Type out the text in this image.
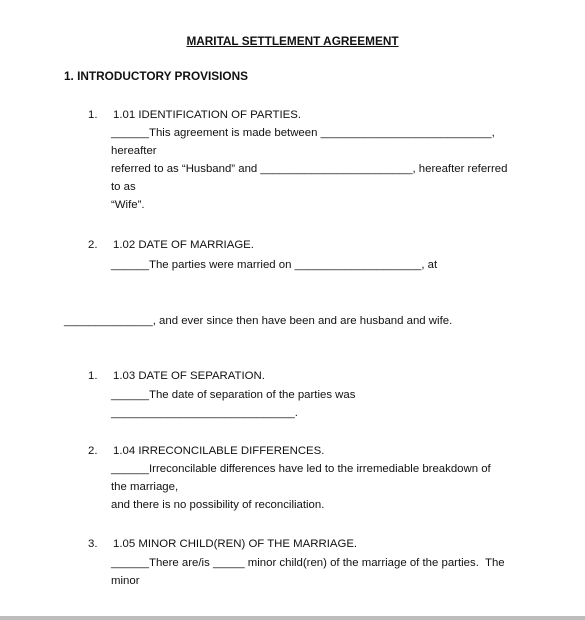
MARITAL SETTLEMENT AGREEMENT
1. INTRODUCTORY PROVISIONS
1.	1.01 IDENTIFICATION OF PARTIES.
______This agreement is made between ___________________________,
hereafter
referred to as “Husband” and ________________________, hereafter referred
to as
“Wife”.
2.	1.02 DATE OF MARRIAGE.
______The parties were married on ____________________, at
______________, and ever since then have been and are husband and wife.
1.	1.03 DATE OF SEPARATION.
______The date of separation of the parties was
_____________________________.
2.	1.04 IRRECONCILABLE DIFFERENCES.
______Irreconcilable differences have led to the irremediable breakdown of
the marriage,
and there is no possibility of reconciliation.
3.	1.05 MINOR CHILD(REN) OF THE MARRIAGE.
______There are/is _____ minor child(ren) of the marriage of the parties.  The
minor
